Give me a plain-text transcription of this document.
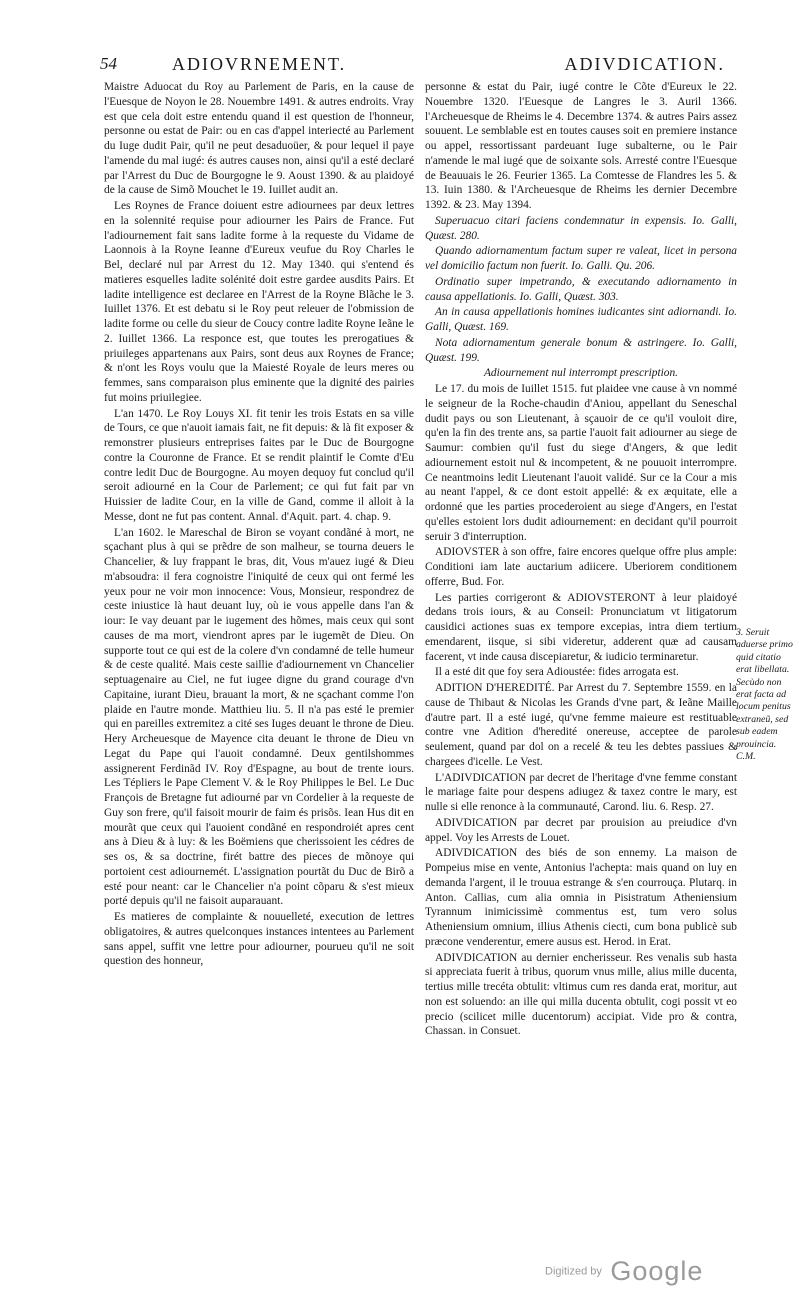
54	ADIOVRNEMENT.	ADIVDICATION.

Maistre Aduocat du Roy au Parlement de Paris, en la cause de l'Euesque de Noyon le 28. Nouembre 1491. & autres endroits. Vray est que cela doit estre entendu quand il est question de l'honneur, personne ou estat de Pair: ou en cas d'appel interiecté au Parlement du Iuge dudit Pair, qu'il ne peut desaduoüer, & pour lequel il paye l'amende du mal iugé: és autres causes non, ainsi qu'il a esté declaré par l'Arrest du Duc de Bourgogne le 9. Aoust 1390. & au plaidoyé de la cause de Simõ Mouchet le 19. Iuillet audit an.

Les Roynes de France doiuent estre adiournees par deux lettres en la solennité requise pour adiourner les Pairs de France. Fut l'adiournement fait sans ladite forme à la requeste du Vidame de Laonnois à la Royne Ieanne d'Eureux veufue du Roy Charles le Bel, declaré nul par Arrest du 12. May 1340. qui s'entend és matieres esquelles ladite solénité doit estre gardee ausdits Pairs. Et ladite intelligence est declaree en l'Arrest de la Royne Blãche le 3. Iuillet 1376. Et est debatu si le Roy peut releuer de l'obmission de ladite forme ou celle du sieur de Coucy contre ladite Royne Ieãne le 2. Iuillet 1366. La responce est, que toutes les prerogatiues & priuileges appartenans aux Pairs, sont deus aux Roynes de France; & n'ont les Roys voulu que la Maiesté Royale de leurs meres ou femmes, sans comparaison plus eminente que la dignité des pairies fut moins priuilegiee.

L'an 1470. Le Roy Louys XI. fit tenir les trois Estats en sa ville de Tours, ce que n'auoit iamais fait, ne fit depuis: & là fit exposer & remonstrer plusieurs entreprises faites par le Duc de Bourgogne contre la Couronne de France. Et se rendit plaintif le Comte d'Eu contre ledit Duc de Bourgogne. Au moyen dequoy fut conclud qu'il seroit adiourné en la Cour de Parlement; ce qui fut fait par vn Huissier de ladite Cour, en la ville de Gand, comme il alloit à la Messe, dont ne fut pas content. Annal. d'Aquit. part. 4. chap. 9.

L'an 1602. le Mareschal de Biron se voyant condãné à mort, ne sçachant plus à qui se prẽdre de son malheur, se tourna deuers le Chancelier, & luy frappant le bras, dit, Vous m'auez iugé & Dieu m'absoudra: il fera cognoistre l'iniquité de ceux qui ont fermé les yeux pour ne voir mon innocence: Vous, Monsieur, respondrez de ceste iniustice là haut deuant luy, où ie vous appelle dans l'an & iour: Ie vay deuant par le iugement des hõmes, mais ceux qui sont causes de ma mort, viendront apres par le iugemẽt de Dieu. On supporte tout ce qui est de la colere d'vn condamné de telle humeur & de ceste qualité. Mais ceste saillie d'adiournement vn Chancelier septuagenaire au Ciel, ne fut iugee digne du grand courage d'vn Capitaine, iurant Dieu, brauant la mort, & ne sçachant comme l'on plaide en l'autre monde. Matthieu liu. 5. Il n'a pas esté le premier qui en pareilles extremitez a cité ses Iuges deuant le throne de Dieu. Hery Archeuesque de Mayence cita deuant le throne de Dieu vn Legat du Pape qui l'auoit condamné. Deux gentilshommes assignerent Ferdinãd IV. Roy d'Espagne, au bout de trente iours. Les Tépliers le Pape Clement V. & le Roy Philippes le Bel. Le Duc François de Bretagne fut adiourné par vn Cordelier à la requeste de Guy son frere, qu'il faisoit mourir de faim és prisõs. Iean Hus dit en mourãt que ceux qui l'auoient condãné en respondroiét apres cent ans à Dieu & à luy: & les Boëmiens que cherissoient les cédres de ses os, & sa doctrine, firét battre des pieces de mõnoye qui portoient cest adiournemét. L'assignation pourtãt du Duc de Birõ a esté pour neant: car le Chancelier n'a point cõparu & s'est mieux porté depuis qu'il ne faisoit auparauant.

Es matieres de complainte & nouuelleté, execution de lettres obligatoires, & autres quelconques instances intentees au Parlement sans appel, suffit vne lettre pour adiourner, pourueu qu'il ne soit question des honneur,

personne & estat du Pair, iugé contre le Cõte d'Eureux le 22. Nouembre 1320. l'Euesque de Langres le 3. Auril 1366. l'Archeuesque de Rheims le 4. Decembre 1374. & autres Pairs assez souuent. Le semblable est en toutes causes soit en premiere instance ou appel, ressortissant pardeuant Iuge subalterne, ou le Pair n'amende le mal iugé que de soixante sols. Arresté contre l'Euesque de Beauuais le 26. Feurier 1365. La Comtesse de Flandres les 5. & 13. Iuin 1380. & l'Archeuesque de Rheims les dernier Decembre 1392. & 23. May 1394.

Superuacuo citari faciens condemnatur in expensis. Io. Galli, Quæst. 280.

Quando adiornamentum factum super re valeat, licet in persona vel domicilio factum non fuerit. Io. Galli. Qu. 206.

Ordinatio super impetrando, & executando adiornamento in causa appellationis. Io. Galli, Quæst. 303.

An in causa appellationis homines iudicantes sint adiornandi. Io. Galli, Quæst. 169.

Nota adiornamentum generale bonum & astringere. Io. Galli, Quæst. 199.

Adiournement nul interrompt prescription.

Le 17. du mois de Iuillet 1515. fut plaidee vne cause à vn nommé le seigneur de la Roche-chaudin d'Aniou, appellant du Seneschal dudit pays ou son Lieutenant, à sçauoir de ce qu'il vouloit dire, qu'en la fin des trente ans, sa partie l'auoit fait adiourner au siege de Saumur: combien qu'il fust du siege d'Angers, & que ledit adiournement estoit nul & incompetent, & ne pouuoit interrompre. Ce neantmoins ledit Lieutenant l'auoit validé. Sur ce la Cour a mis au neant l'appel, & ce dont estoit appellé: & ex æquitate, elle a ordonné que les parties procederoient au siege d'Angers, en l'estat qu'elles estoient lors dudit adiournement: en decidant qu'il pourroit seruir 3 d'interruption.

ADIOVSTER à son offre, faire encores quelque offre plus ample: Conditioni iam late auctarium adiicere. Uberiorem conditionem offerre, Bud. For.

Les parties corrigeront & ADIOVSTERONT à leur plaidoyé dedans trois iours, & au Conseil: Pronunciatum vt litigatorum causidici actiones suas ex tempore excepias, intra diem tertium emendarent, iisque, si sibi videretur, adderent quæ ad causam facerent, vt inde causa discepiaretur, & iudicio terminaretur.

Il a esté dit que foy sera Adioustée: fides arrogata est.

ADITION D'HEREDITÉ. Par Arrest du 7. Septembre 1559. en la cause de Thibaut & Nicolas les Grands d'vne part, & Ieãne Maille d'autre part. Il a esté iugé, qu'vne femme maieure est restituable contre vne Adition d'heredité onereuse, acceptee de parole seulement, quand par dol on a recelé & teu les debtes passiues & chargees d'icelle. Le Vest.

L'ADIVDICATION par decret de l'heritage d'vne femme constant le mariage faite pour despens adiugez & taxez contre le mary, est nulle si elle renonce à la communauté, Carond. liu. 6. Resp. 27.

ADIVDICATION par decret par prouision au preiudice d'vn appel. Voy les Arrests de Louet.

ADIVDICATION des biés de son ennemy. La maison de Pompeius mise en vente, Antonius l'achepta: mais quand on luy en demanda l'argent, il le trouua estrange & s'en courrouça. Plutarq. in Anton. Callias, cum alia omnia in Pisistratum Atheniensium Tyrannum inimicissimè commentus est, tum vero solus Atheniensium omnium, illius Athenis ciecti, cum bona publicè sub præcone venderentur, emere ausus est. Herod. in Erat.

ADIVDICATION au dernier encherisseur. Res venalis sub hasta si appreciata fuerit à tribus, quorum vnus mille, alius mille ducenta, tertius mille trecéta obtulit: vltimus cum res danda erat, moritur, aut non est soluendo: an ille qui milla ducenta obtulit, cogi possit vt eo precio (scilicet mille ducentorum) accipiat. Vide pro & contra, Chassan. in Consuet.

3. Seruit aduerse primo quid citatio erat libellata. Secùdo non erat facta ad locum penitus extraneũ, sed sub eadem prouincia. C.M.
Digitized by Google
